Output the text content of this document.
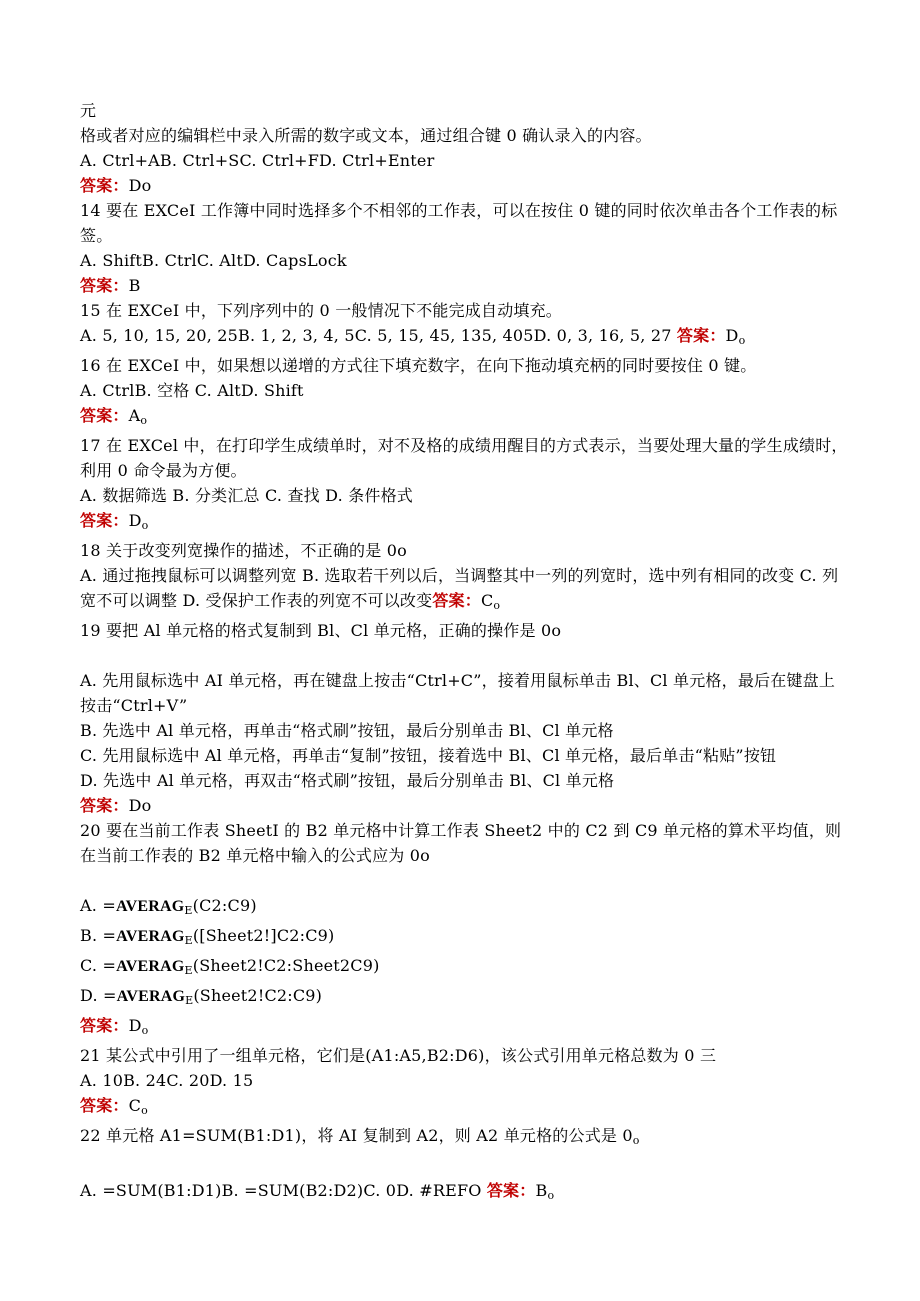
元

格或者对应的编辑栏中录入所需的数字或文本，通过组合键 0 确认录入的内容。

A. Ctrl+AB. Ctrl+SC. Ctrl+FD. Ctrl+Enter

答案：Do

14 要在 EXCeI 工作簿中同时选择多个不相邻的工作表，可以在按住 0 键的同时依次单击各个工作表的标签。

A. ShiftB. CtrlC. AltD. CapsLock

答案：B

15 在 EXCeI 中，下列序列中的 0 一般情况下不能完成自动填充。

A. 5, 10, 15, 20, 25B. 1, 2, 3, 4, 5C. 5, 15, 45, 135, 405D. 0, 3, 16, 5, 27 答案：$D_o$

16 在 EXCeI 中，如果想以递增的方式往下填充数字，在向下拖动填充柄的同时要按住 0 键。

A. CtrlB. 空格 C. AltD. Shift

答案：$A_o$

17 在 EXCel 中，在打印学生成绩单时，对不及格的成绩用醒目的方式表示，当要处理大量的学生成绩时，利用 0 命令最为方便。

A. 数据筛选 B. 分类汇总 C. 查找 D. 条件格式

答案：$D_o$

18 关于改变列宽操作的描述，不正确的是 0o

A. 通过拖拽鼠标可以调整列宽 B. 选取若干列以后，当调整其中一列的列宽时，选中列有相同的改变 C. 列宽不可以调整 D. 受保护工作表的列宽不可以改变答案：$C_o$

19 要把 Al 单元格的格式复制到 Bl、Cl 单元格，正确的操作是 0o

A. 先用鼠标选中 AI 单元格，再在键盘上按击“Ctrl+C”，接着用鼠标单击 Bl、Cl 单元格，最后在键盘上按击“Ctrl+V”

B. 先选中 Al 单元格，再单击“格式刷”按钮，最后分别单击 Bl、Cl 单元格

C. 先用鼠标选中 Al 单元格，再单击“复制”按钮，接着选中 Bl、Cl 单元格，最后单击“粘贴”按钮

D. 先选中 Al 单元格，再双击“格式刷”按钮，最后分别单击 Bl、Cl 单元格

答案：Do

20 要在当前工作表 SheetI 的 B2 单元格中计算工作表 Sheet2 中的 C2 到 C9 单元格的算术平均值，则在当前工作表的 B2 单元格中输入的公式应为 0o

A. $=AVERAG_E(C2:C9)$

B. $=AVERAG_E([Sheet2!]C2:C9)$

C. $=AVERAG_E(Sheet2!C2:Sheet2C9)$

D. $=AVERAG_E(Sheet2!C2:C9)$

答案：$D_o$

21 某公式中引用了一组单元格，它们是(A1:A5,B2:D6)，该公式引用单元格总数为 0 三

A. 10B. 24C. 20D. 15

答案：$C_o$

22 单元格 A1=SUM(B1:D1)，将 AI 复制到 A2，则 A2 单元格的公式是 $0_o$

A. =SUM(B1:D1)B. =SUM(B2:D2)C. 0D. #REFO 答案：$B_o$
